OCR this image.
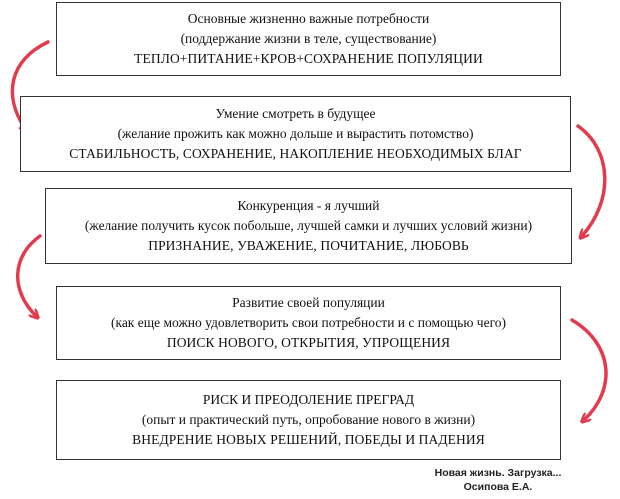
Основные жизненно важные потребности
(поддержание жизни в теле, существование)
ТЕПЛО+ПИТАНИЕ+КРОВ+СОХРАНЕНИЕ ПОПУЛЯЦИИ
Умение смотреть в будущее
(желание прожить как можно дольше и вырастить потомство)
СТАБИЛЬНОСТЬ, СОХРАНЕНИЕ, НАКОПЛЕНИЕ НЕОБХОДИМЫХ БЛАГ
Конкуренция - я лучший
(желание получить кусок побольше, лучшей самки и лучших условий жизни)
ПРИЗНАНИЕ, УВАЖЕНИЕ, ПОЧИТАНИЕ, ЛЮБОВЬ
Развитие своей популяции
(как еще можно удовлетворить свои потребности и с помощью чего)
ПОИСК НОВОГО, ОТКРЫТИЯ, УПРОЩЕНИЯ
РИСК И ПРЕОДОЛЕНИЕ ПРЕГРАД
(опыт и практический путь, опробование нового в жизни)
ВНЕДРЕНИЕ НОВЫХ РЕШЕНИЙ, ПОБЕДЫ И ПАДЕНИЯ
Новая жизнь. Загрузка...
Осипова Е.А.
